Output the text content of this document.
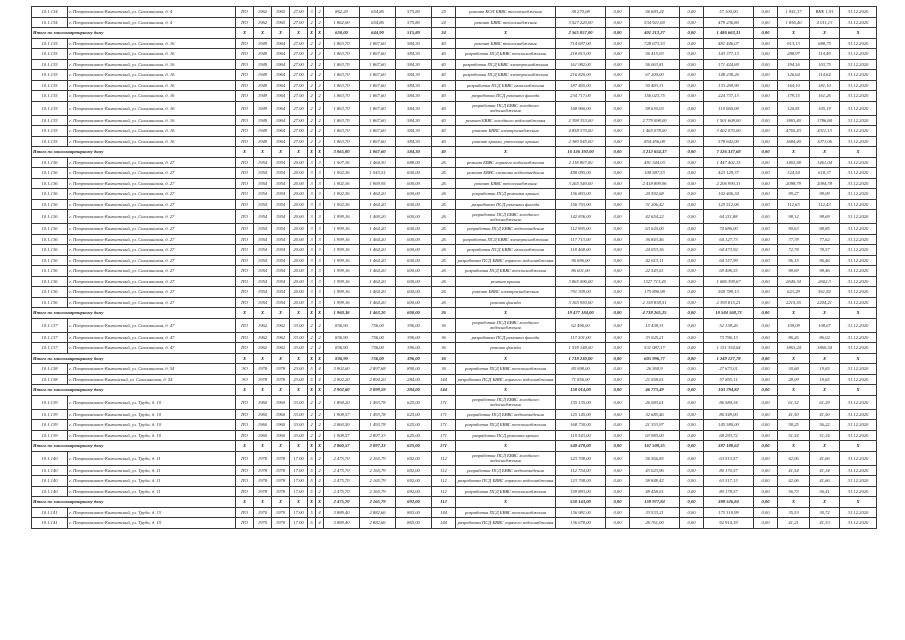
10.1.134	г. Петропавловск-Камчатский, ул. Сахалинская, д. 4	ПО	1962	1965	27.00	3	2	862,20	654,86	575,80	25	ремонт КОЛ БВВС теплоснабжения	38 270,08	0,00	56 683,24	0,00	57 100,00	0,00	1 941,37	ВНЕ 1,91	31.12.2020
10.1.134	г. Петропавловск-Камчатский, ул. Сахалинская, д. 4	ПО	1962	1965	27.00	2	2	1 862,00	654,86	575,80	24	ремонт БВВС теплоснабжения	3 527 220,00	0,00	534 921,69	0,00	479 236,80	0,00	1 856,40	4 011,13	31.12.2020
Итого по многоквартирному дому		X	X	X	X	X	X	650,00	644,90	515,80	24	X	2 565 857,00	0,00	401 213,27	0,00	1 486 663,31	0,00	X	X	X
10.1.135	г. Петропавловск-Камчатский, ул. Сахалинская, д. 16	ПО	1949	1964	27.00	2	2	1 863,70	1 867,60	584,30	40	ремонт БВВС теплоснабжения	714 697,00	0,00	728 673,53	0,00	481 446,07	0,00	913,13	688,75	31.12.2020
10.1.135	г. Петропавловск-Камчатский, ул. Сахалинская, д. 16	ПО	1949	1964	27.00	2	2	1 863,70	1 867,60	584,30	40	разработка ПСД БВВС теплоснабжения	218 813,00	0,00	56 415,93	0,00	143 377,13	0,00	288,97	114,49	31.12.2020
10.1.135	г. Петропавловск-Камчатский, ул. Сахалинская, д. 16	ПО	1949	1964	27.00	2	2	1 863,70	1 867,60	584,30	40	разработка ПСД БВВС электроснабжения	161 982,00	0,00	56 063,81	0,00	171 424,69	0,00	194,16	103,75	31.12.2020
10.1.135	г. Петропавловск-Камчатский, ул. Сахалинская, д. 16	ПО	1949	1964	27.00	2	2	1 863,70	1 867,60	584,30	40	разработка ПСД БВВС электроснабжения	216 820,00	0,00	67 200,00	0,00	148 238,26	0,00	126,64	114,64	31.12.2020
10.1.135	г. Петропавловск-Камчатский, ул. Сахалинская, д. 16	ПО	1949	1964	27.00	2	2	1 863,70	1 867,60	584,30	40	разработка ПСД БВВС газоснабжения	187 465,00	0,00	50 483,31	0,00	133 269,90	0,00	164,10	181,10	31.12.2020
10.1.135	г. Петропавловск-Камчатский, ул. Сахалинская, д. 16	ПО	1949	1964	27.00	2	2	1 863,70	1 867,60	584,30	40	разработка ПСД ремонта фасада	234 717,00	0,00	156 023,75	0,00	224 737,13	0,00	179,15	161,26	31.12.2020
10.1.135	г. Петропавловск-Камчатский, ул. Сахалинская, д. 16	ПО	1949	1964	27.00	2	2	1 863,70	1 867,60	584,30	40	разработка ПСД БВВС холодного водоснабжения	168 960,00	0,00	58 630,03	0,00	110 060,08	0,00	120,81	105,19	31.12.2020
10.1.135	г. Петропавловск-Камчатский, ул. Сахалинская, д. 16	ПО	1949	1964	27.00	2	2	1 863,70	1 867,60	584,30	40	ремонт БВВС холодного водоснабжения	2 398 353,00	0,00	2 779 098,00	0,00	1 501 608,00	0,00	1863,40	1786,84	31.12.2020
10.1.135	г. Петропавловск-Камчатский, ул. Сахалинская, д. 16	ПО	1949	1964	27.00	2	2	1 863,70	1 867,60	584,30	40	ремонт БВВС электроснабжения	4 858 370,00	0,00	1 465 078,00	0,00	3 402 070,00	0,00	4765,43	4311,13	31.12.2020
10.1.135	г. Петропавловск-Камчатский, ул. Сахалинская, д. 16	ПО	1949	1964	27.00	2	2	1 863,70	1 867,60	584,30	40	ремонт кровли, утепление крыши	2 380 545,00	0,00	854 456,08	0,00	578 642,00	0,00	1684,40	1071,06	31.12.2020
Итого по многоквартирному дому		X	X	X	X	X	X	3 065,80	1 867,60	584,30	40	X	16 336 192,00	0,00	3 212 654,37	0,00	7 126 337,68	0,00	X	X	X
10.1.136	г. Петропавловск-Камчатский, ул. Сахалинская, д. 27	ПО	1954	1954	20.00	3	3	1 507,36	1 464,30	688,00	26	ремонт БВВС горячего водоснабжения	2 118 807,00	0,00	491 344,03	0,00	1 447 402,15	0,00	1463,58	1461,04	31.12.2020
10.1.136	г. Петропавловск-Камчатский, ул. Сахалинская, д. 27	ПО	1954	1954	20.00	3	3	1 902,36	1 543,51	600,00	26	ремонт БВВС системы водоотведения	498 095,00	0,00	108 587,53	0,00	423 129,37	0,00	324,54	618,37	31.12.2020
10.1.136	г. Петропавловск-Камчатский, ул. Сахалинская, д. 27	ПО	1954	1954	20.00	3	3	1 902,36	1 969,95	600,00	26	ремонт БВВС теплоснабжения	3 265 340,00	0,00	2 418 899,96	0,00	2 206 990,31	0,00	2098,79	2094,78	31.12.2020
10.1.136	г. Петропавловск-Камчатский, ул. Сахалинская, д. 27	ПО	1954	1954	20.00	3	3	1 902,36	1 464,20	600,00	26	разработка ПСД ремонта крыши	156 803,00	0,00	20 592,68	0,00	102 406,34	0,00	99,27	99,09	31.12.2020
10.1.136	г. Петропавловск-Камчатский, ул. Сахалинская, д. 27	ПО	1954	1954	20.00	3	3	1 902,36	1 464,20	600,00	26	разработка ПСД ремонта фасада	156 703,00	0,00	31 206,42	0,00	125 512,06	0,00	112,63	112,43	31.12.2020
10.1.136	г. Петропавловск-Камчатский, ул. Сахалинская, д. 27	ПО	1954	1954	20.00	3	3	1 999,16	1 469,20	600,00	26	разработка ПСД БВВС холодного водоснабжения	142 836,00	0,00	42 654,22	0,00	64 211,88	0,00	98,12	98,69	31.12.2020
10.1.136	г. Петропавловск-Камчатский, ул. Сахалинская, д. 27	ПО	1954	1954	20.00	3	3	1 999,16	1 464,20	600,00	26	разработка ПСД БВВС водоотведения	112 995,00	0,00	63 020,00	0,00	74 686,00	0,00	90,63	88,85	31.12.2020
10.1.136	г. Петропавловск-Камчатский, ул. Сахалинская, д. 27	ПО	1954	1954	20.00	3	3	1 999,16	1 464,20	600,00	26	разработка ПСД БВВС электроснабжения	117 713,00	0,00	36 843,46	0,00	64 127,73	0,00	77,78	77,62	31.12.2020
10.1.136	г. Петропавловск-Камчатский, ул. Сахалинская, д. 27	ПО	1954	1954	20.00	3	3	1 999,16	1 464,20	600,00	26	разработка ПСД БВВС газоснабжения	118 468,00	0,00	24 053,36	0,00	64 473,92	0,00	72,78	78,57	31.12.2020
10.1.136	г. Петропавловск-Камчатский, ул. Сахалинская, д. 27	ПО	1954	1954	20.00	3	3	1 999,16	1 464,20	600,00	26	разработка ПСД БВВС горячего водоснабжения	96 696,00	0,00	42 613,11	0,00	64 157,99	0,00	96,15	96,46	31.12.2020
10.1.136	г. Петропавловск-Камчатский, ул. Сахалинская, д. 27	ПО	1954	1954	20.00	3	3	1 999,16	1 464,20	600,00	26	разработка ПСД БВВС теплоснабжения	86 601,00	0,00	22 543,61	0,00	69 496,55	0,00	98,69	98,46	31.12.2020
10.1.136	г. Петропавловск-Камчатский, ул. Сахалинская, д. 27	ПО	1954	1954	20.00	3	3	1 999,16	1 464,20	600,00	26	ремонт крыши	3 865 096,00	0,00	1327 713,45	0,00	1 686 399,67	0,00	2640,34	2602,3	31.12.2020
10.1.136	г. Петропавловск-Камчатский, ул. Сахалинская, д. 27	ПО	1954	1954	20.00	3	3	1 999,16	1 464,20	600,00	26	ремонт БВВС электроснабжения	791 309,00	0,00	175 896,98	0,00	569 789,13	0,00	623,29	561,82	31.12.2020
10.1.136	г. Петропавловск-Камчатский, ул. Сахалинская, д. 27	ПО	1954	1954	20.00	3	3	1 999,16	1 464,20	600,00	26	ремонт фасада	3 165 950,00	0,00	2 158 838,51	0,00	2 395 815,21	0,00	2215,55	2204,21	31.12.2020
Итого по многоквартирному дому		X	X	X	X	X	X	1 960,36	1 463,20	600,00	26	X	19 477 184,00	0,00	4 738 265,25	0,00	10 584 568,73	0,00	X	X	X
10.1.137	г. Петропавловск-Камчатский, ул. Сахалинская, д. 47	ПО	1962	1962	33.00	2	2	836,90	756,00	396,00	36	разработка ПСД БВВС холодного водоснабжения	62 496,00	0,00	15 438,31	0,00	52 138,26	0,00	109,09	108,67	31.12.2020
10.1.137	г. Петропавловск-Камчатский, ул. Сахалинская, д. 47	ПО	1962	1962	33.00	2	2	836,90	756,00	396,00	36	разработка ПСД ремонта фасада	117 301,00	0,00	33 025,21	0,00	73 796,13	0,00	86,26	86,02	31.12.2020
10.1.137	г. Петропавловск-Камчатский, ул. Сахалинская, д. 47	ПО	1962	1962	33.00	2	2	836,90	756,00	396,00	36	ремонт фасада	1 539 148,00	0,00	531 087,17	0,00	1 151 354,64	0,00	1863,24	1860,34	31.12.2020
Итого по многоквартирному дому		X	X	X	X	X	X	836,90	756,00	396,00	36	X	1 718 230,00	0,00	605 996,77	0,00	1 249 127,78	0,00	X	X	X
10.1.138	г. Петропавловск-Камчатский, ул. Сахалинская, д. 54	ЭО	1978	1978	23.00	5	4	3 902,60	2 897,68	890,00	36	разработка ПСД БВВС теплоснабжения	85 098,00	0,00	26 569,9	0,00	27 673,01	0,00	30,68	19,65	31.12.2020
10.1.138	г. Петропавловск-Камчatский, ул. Сахалинская, д. 54	ЭО	1978	1978	23.00	5	4	2 902,20	2 894,20	284,00	144	разработка ПСД БВВС горячего водоснабжения	71 856,00	0,00	21 058,61	0,00	57 855,11	0,00	28,09	19,65	31.12.2020
Итого по многоквартирному дому		X	X	X	X	X	X	2 902,60	2 899,59	284,00	144	X	158 014,00	0,00	46 773,49	0,00	103 794,82	0,00	X	X	X
10.1.139	г. Петропавловск-Камчатский, ул. Труда, д. 10	ПО	1960	1960	33.00	2	2	1 894,20	1 493,78	625,00	171	разработка ПСД БВВС холодного водоснабжения	135 135,00	0,00	26 083,61	0,00	86 580,34	0,00	61,32	61,29	31.12.2020
10.1.139	г. Петропавловск-Камчатский, ул. Труда, д. 10	ПО	1960	1960	33.00	2	2	1 908,57	1 493,78	625,00	171	разработка ПСД БВВС водоотведения	125 145,00	0,00	32 685,46	0,00	86 349,00	0,00	41,50	41,50	31.12.2020
10.1.139	г. Петропавловск-Камчатский, ул. Труда, д. 10	ПО	1960	1960	33.00	2	2	2 860,50	1 493,78	625,00	171	разработка ПСД БВВС теплоснабжения	168 730,00	0,00	21 353,97	0,00	145 580,00	0,00	58,25	56,22	31.12.2020
10.1.139	г. Петропавловск-Камчатский, ул. Труда, д. 10	ПО	1960	1960	33.00	2	2	1 908,57	2 897,33	625,00	171	разработка ПСД ремонта кровли	119 543,00	0,00	63 985,00	0,00	68 293,72	0,00	51,54	51,34	31.12.2020
Итого по многоквартирному дому		X	X	X	X	X	X	2 860,57	2 897,33	625,00	171	X	548 478,00	0,00	167 508,25	0,00	387 188,62	0,00	X	X	X
10.1.140	г. Петропавловск-Камчатский, ул. Труда, д. 11	ПО	1978	1978	17.00	5	2	2 475,70	2 165,79	692,00	112	разработка ПСД БВВС холодного водоснабжения	123 708,00	0,00	56 566,85	0,00	63 513,57	0,00	42,06	41,66	31.12.2020
10.1.140	г. Петропавловск-Камчатский, ул. Труда, д. 11	ПО	1978	1978	17.00	5	2	2 475,70	2 165,79	692,00	112	разработка ПСД БВВС водоотведения	112 754,00	0,00	43 023,96	0,00	80 170,57	0,00	41,54	41,34	31.12.2020
10.1.140	г. Петропавловск-Камчатский, ул. Труда, д. 11	ПО	1978	1978	17.00	5	2	2 475,70	2 165,79	692,00	112	разработка ПСД БВВС горячего водоснабжения	123 708,00	0,00	58 848,42	0,00	63 317,13	0,00	42,06	41,66	31.12.2020
10.1.140	г. Петропавловск-Камчатский, ул. Труда, д. 11	ПО	1978	1978	17.00	5	2	2 475,70	2 165,79	692,00	112	разработка ПСД БВВС теплоснабжения	159 893,00	0,00	49 458,61	0,00	80 178,57	0,00	56,73	56,41	31.12.2020
Итого по многоквартирному дому		X	X	X	X	X	X	2 475,70	2 165,79	692,00	112	X	550 143,00	0,00	159 977,84	0,00	388 526,84	0,00	X	X	X
10.1.141	г. Петропавловск-Камчатский, ул. Труда, д. 15	ПО	1970	1970	17.00	5	4	3 889,40	2 882,66	865,00	144	разработка ПСД БВВС теплоснабжения	136 981,00	0,00	33 533,21	0,00	173 119,99	0,00	35,53	30,72	31.12.2020
10.1.141	г. Петропавловск-Камчатский, ул. Труда, д. 15	ПО	1970	1970	17.00	5	4	3 889,40	2 882,66	865,00	144	разработка ПСД БВВС горячего водоснабжения	136 678,00	0,00	26 761,00	0,00	92 914,19	0,00	41,21	41,33	31.12.2020
